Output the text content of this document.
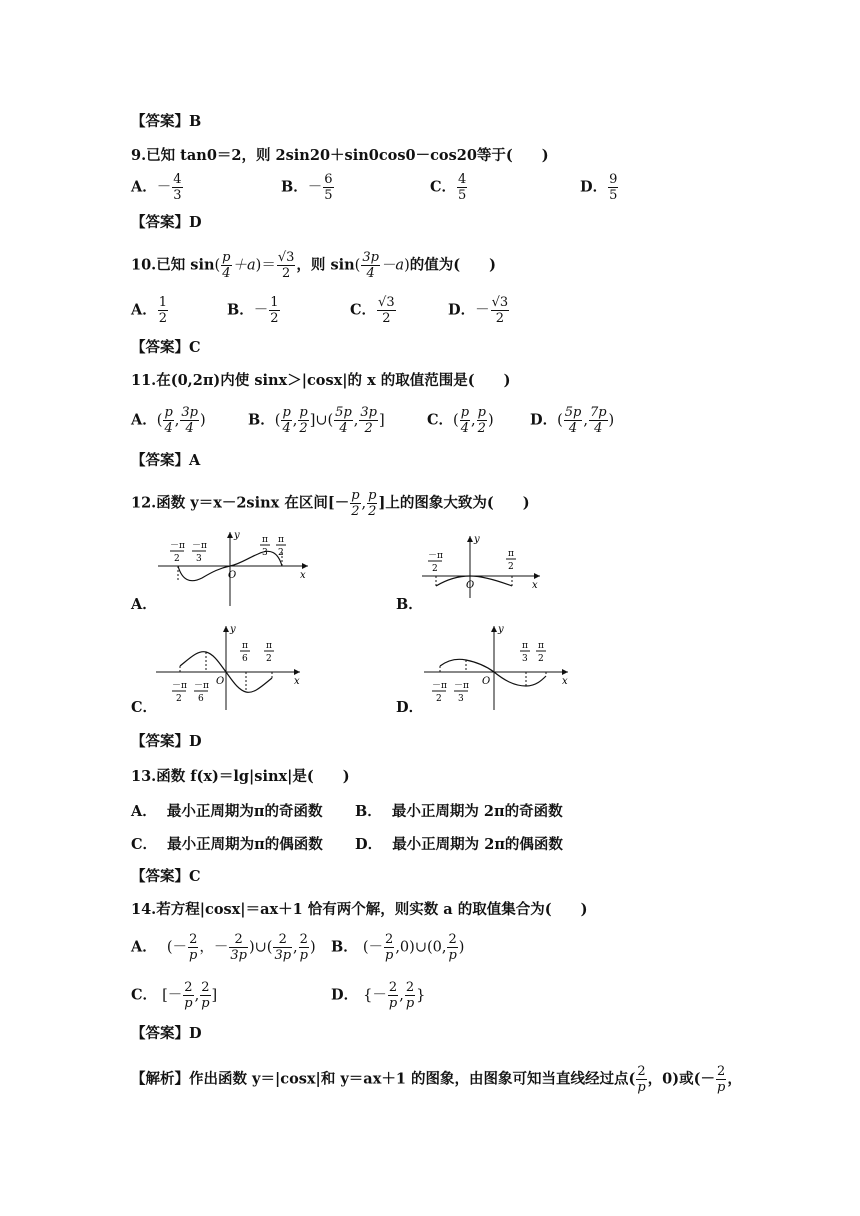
【答案】B
9.已知 tan0＝2，则 2sin20＋sin0cos0－cos20等于(　　)
A．－ $\frac{4}{3}$	B．－ $\frac{6}{5}$	C． $\frac{4}{5}$	D． $\frac{9}{5}$
【答案】D
10.已知 $\sin( \frac{p}{4} +a)= \frac{√3}{2}$ ，则 $\sin( \frac{3p}{4} -a)$的值为(　　)
A． $\frac{1}{2}$	B．－ $\frac{1}{2}$	C． $\frac{√3}{2}$	D．－ $\frac{√3}{2}$
【答案】C
11.在(0,2π)内使 sinx＞|cosx|的 x 的取值范围是(　　)
A．( $\frac{p}{4}$ , $\frac{3p}{4}$ )	B．( $\frac{p}{4}$ , $\frac{p}{2}$ ]∪( $\frac{5p}{4}$ , $\frac{3p}{2}$ ]	C．( $\frac{p}{4}$ , $\frac{p}{2}$ )	D．( $\frac{5p}{4}$ , $\frac{7p}{4}$ )
【答案】A
12.函数 y＝x－2sinx 在区间[－ $\frac{p}{2}$ , $\frac{p}{2}$ ]上的图象大致为(　　)
A．
O
y
x
－π
2
－π
3
π
3
π
2
B．
O
y
x
－π
2
π
2
C．
O
y
x
－π
2
－π
6
π
6
π
2
D．
O
y
x
－π
2
－π
3
π
3
π
2
【答案】D
13.函数 f(x)＝lg|sinx|是(　　)
A． 最小正周期为π的奇函数 B． 最小正周期为 2π的奇函数
C． 最小正周期为π的偶函数 D． 最小正周期为 2π的偶函数
【答案】C
14.若方程|cosx|＝ax＋1 恰有两个解，则实数 a 的取值集合为(　　)
A． (－ $\frac{2}{p}$ ，－ $\frac{2}{3p}$ )∪( $\frac{2}{3p}$ , $\frac{2}{p}$ ) B． (－ $\frac{2}{p}$ ,0)∪(0, $\frac{2}{p}$ )
C． [－ $\frac{2}{p}$ , $\frac{2}{p}$ ]	D． {－ $\frac{2}{p}$ , $\frac{2}{p}$ }
【答案】D
【解析】作出函数 y＝|cosx|和 y＝ax＋1 的图象，由图象可知当直线经过点( $\frac{2}{p}$ ，0)或(－ $\frac{2}{p}$ ，
